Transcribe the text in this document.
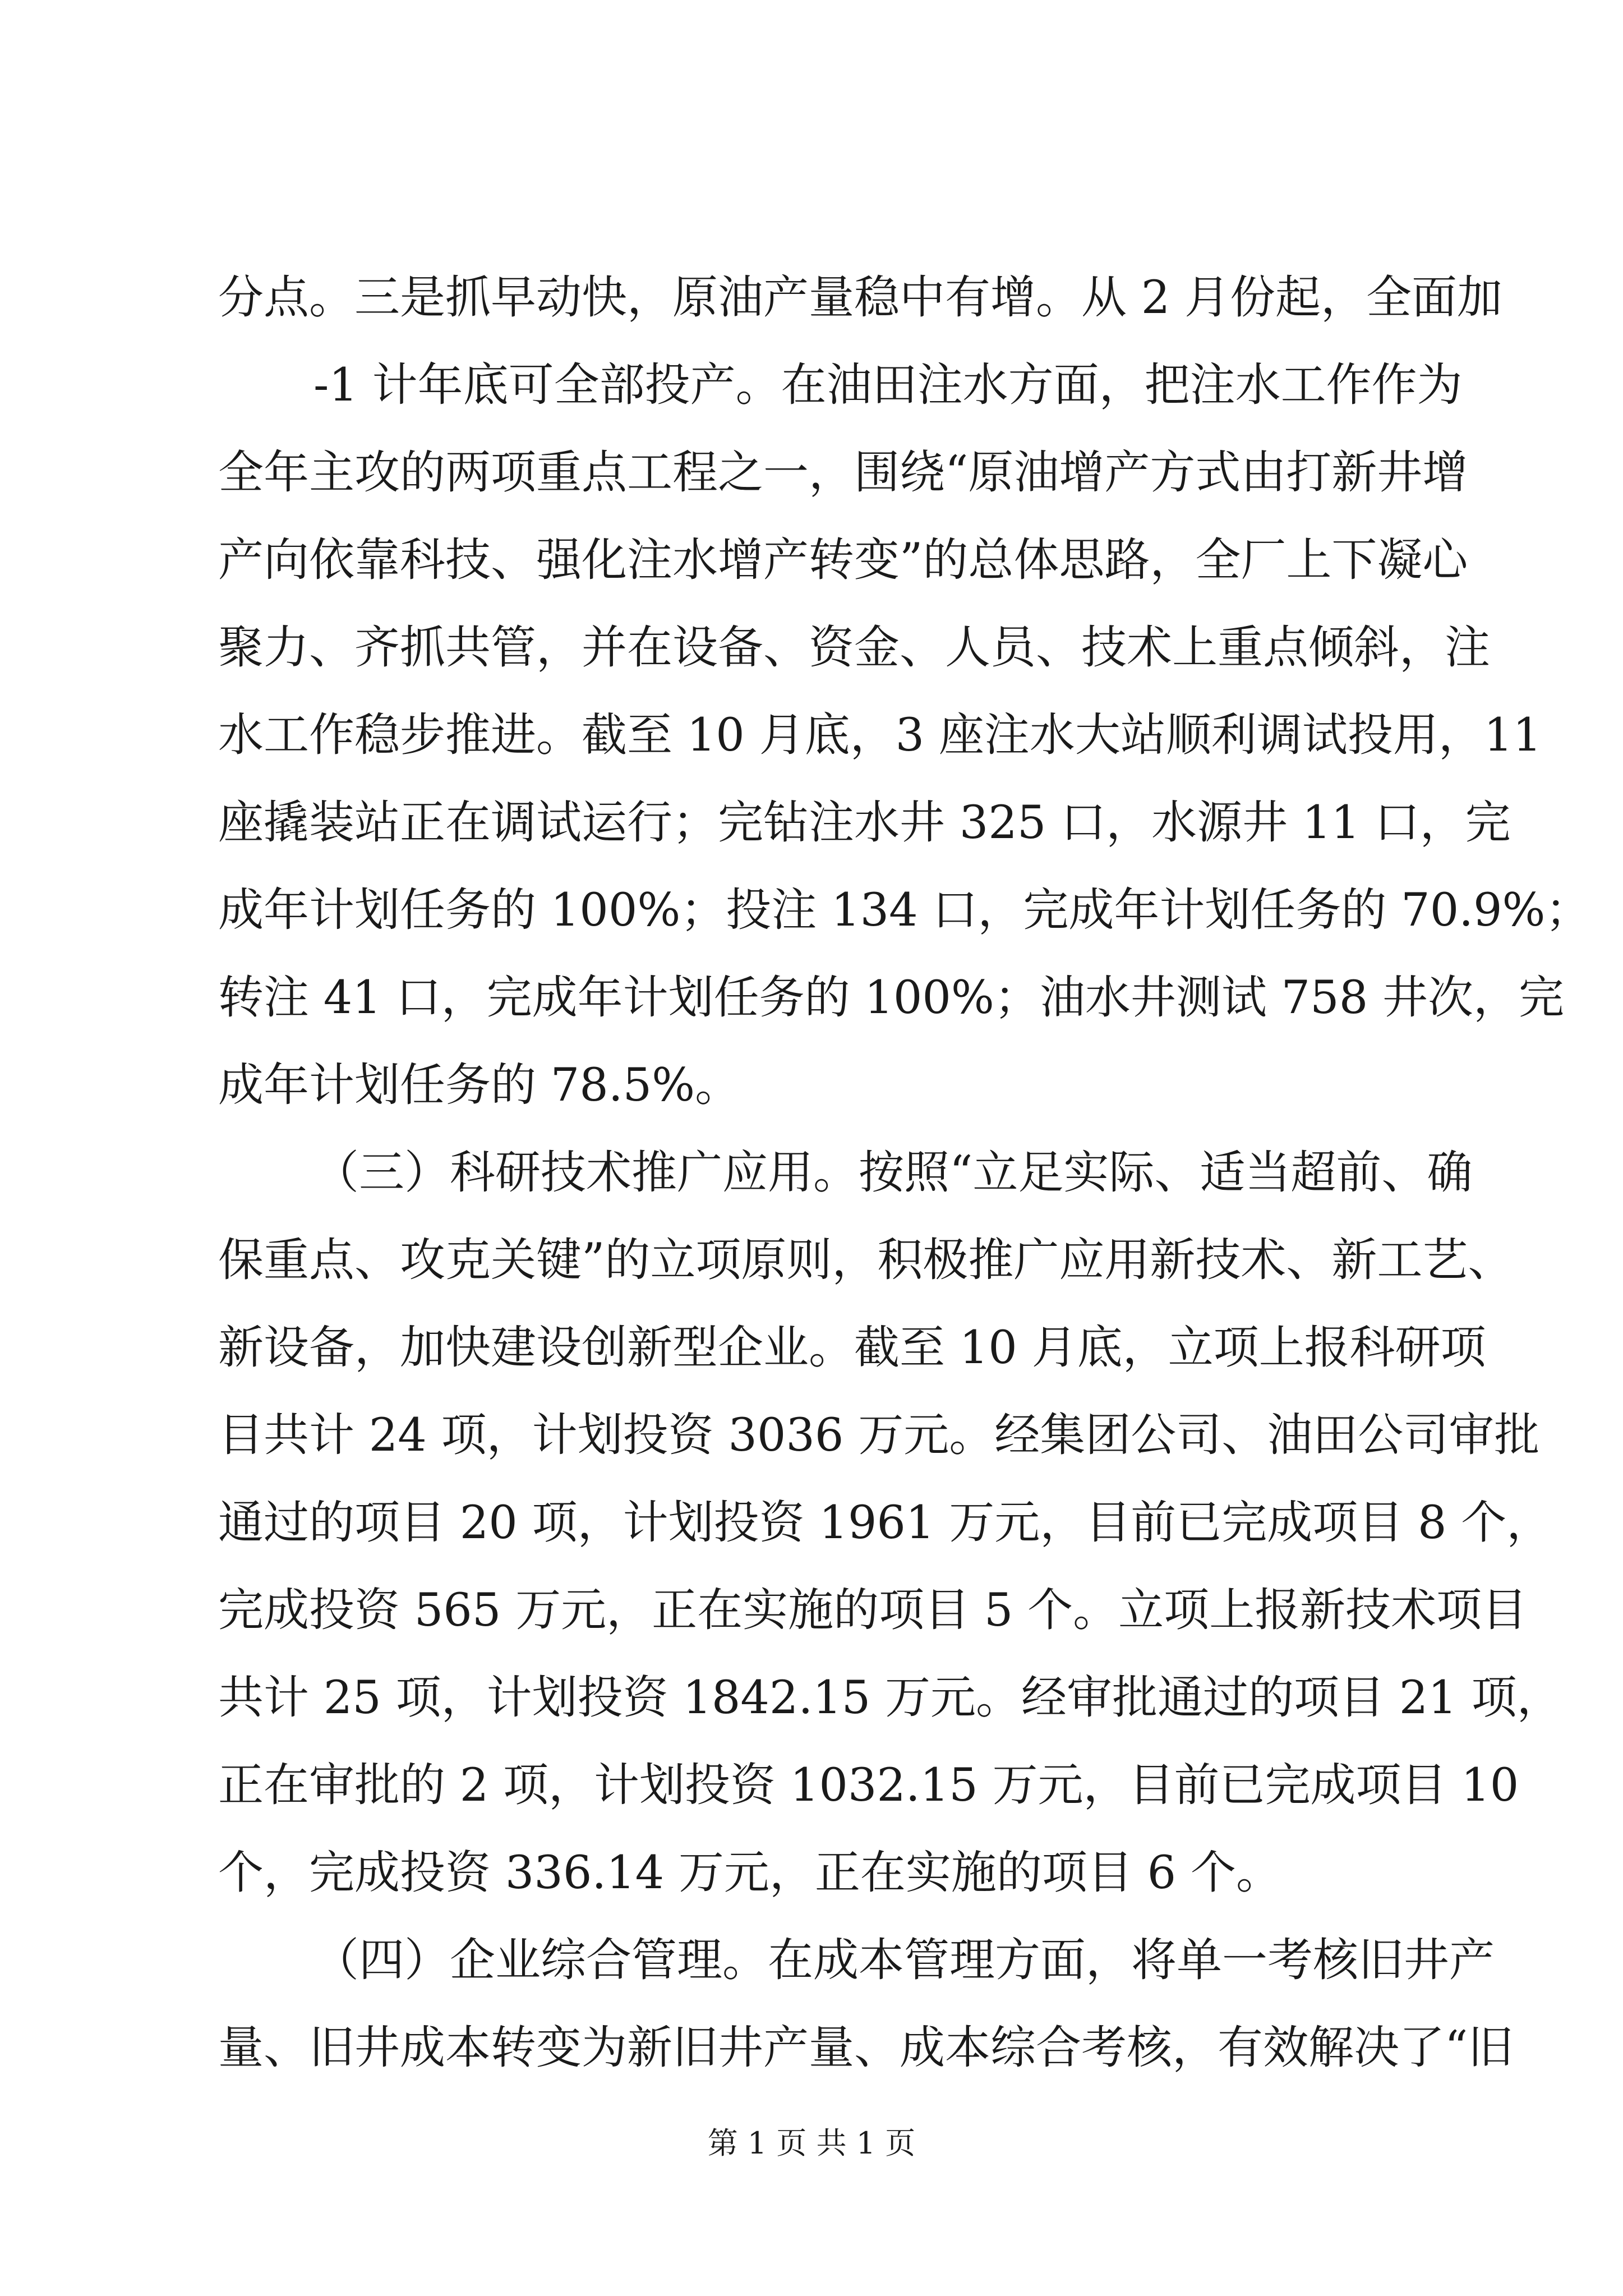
分点。三是抓早动快，原油产量稳中有增。从 2 月份起，全面加

-1 计年底可全部投产。在油田注水方面，把注水工作作为

全年主攻的两项重点工程之一，围绕“原油增产方式由打新井增

产向依靠科技、强化注水增产转变”的总体思路，全厂上下凝心

聚力、齐抓共管，并在设备、资金、人员、技术上重点倾斜，注

水工作稳步推进。截至 10 月底，3 座注水大站顺利调试投用，11

座撬装站正在调试运行；完钻注水井 325 口，水源井 11 口，完

成年计划任务的 100%；投注 134 口，完成年计划任务的 70.9%；

转注 41 口，完成年计划任务的 100%；油水井测试 758 井次，完

成年计划任务的 78.5%。

（三）科研技术推广应用。按照“立足实际、适当超前、确

保重点、攻克关键”的立项原则，积极推广应用新技术、新工艺、

新设备，加快建设创新型企业。截至 10 月底，立项上报科研项

目共计 24 项，计划投资 3036 万元。经集团公司、油田公司审批

通过的项目 20 项，计划投资 1961 万元，目前已完成项目 8 个，

完成投资 565 万元，正在实施的项目 5 个。立项上报新技术项目

共计 25 项，计划投资 1842.15 万元。经审批通过的项目 21 项，

正在审批的 2 项，计划投资 1032.15 万元，目前已完成项目 10

个，完成投资 336.14 万元，正在实施的项目 6 个。

（四）企业综合管理。在成本管理方面，将单一考核旧井产

量、旧井成本转变为新旧井产量、成本综合考核，有效解决了“旧

第 1 页 共 1 页
